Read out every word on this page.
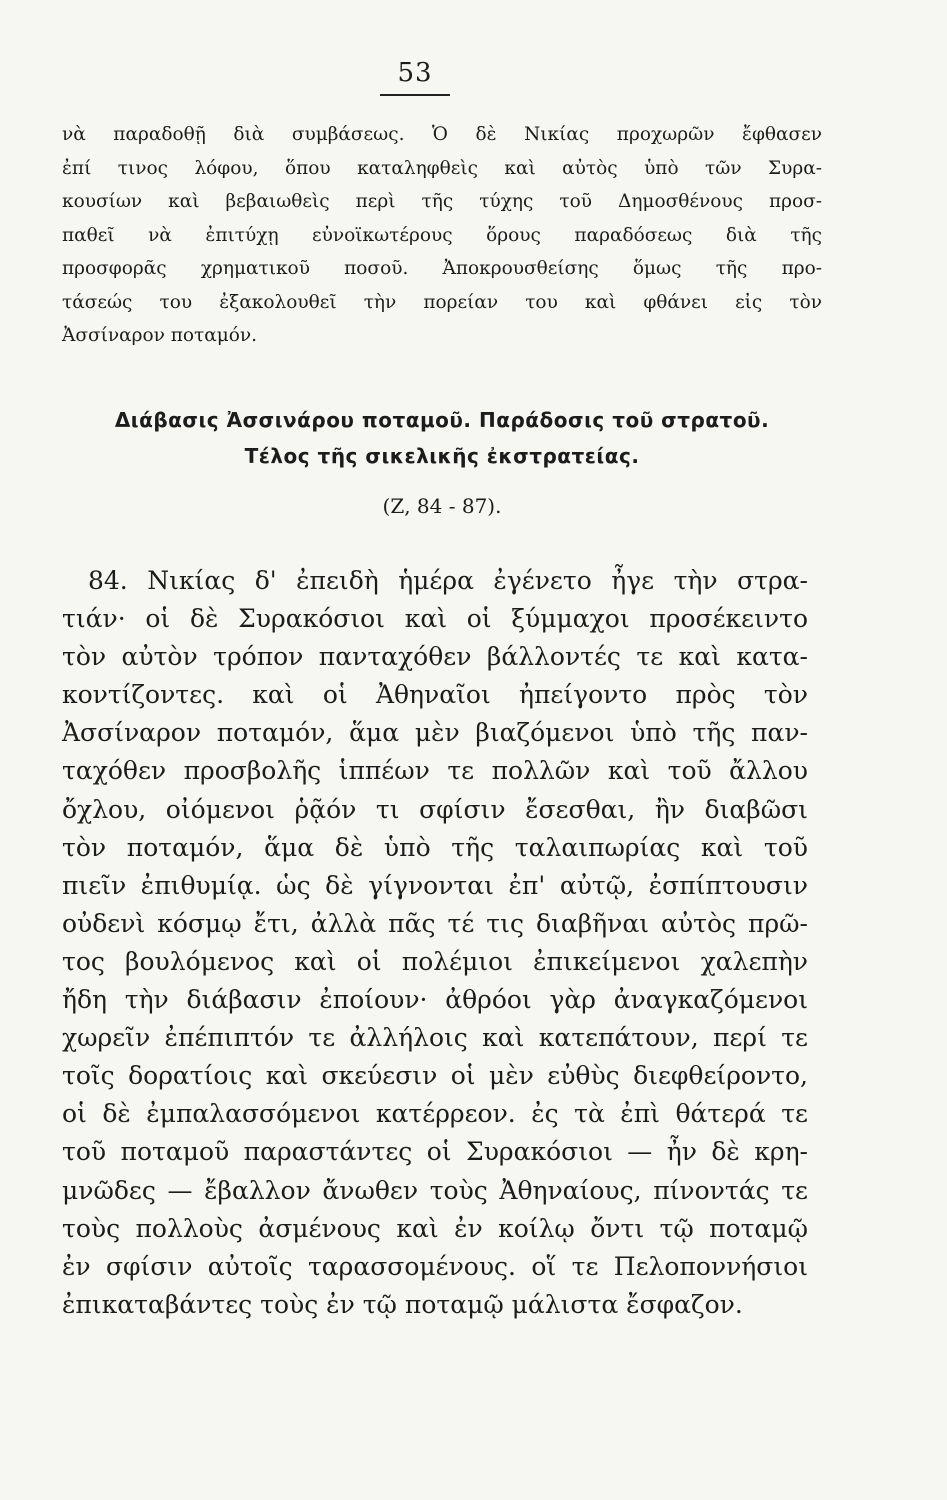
53
νὰ παραδοθῇ διὰ συμβάσεως. Ὁ δὲ Νικίας προχωρῶν ἔφθασεν
ἐπί τινος λόφου, ὅπου καταληφθεὶς καὶ αὐτὸς ὑπὸ τῶν Συρα-
κουσίων καὶ βεβαιωθεὶς περὶ τῆς τύχης τοῦ Δημοσθένους προσ-
παθεῖ νὰ ἐπιτύχῃ εὐνοϊκωτέρους ὅρους παραδόσεως διὰ τῆς
προσφορᾶς χρηματικοῦ ποσοῦ. Ἀποκρουσθείσης ὅμως τῆς προ-
τάσεώς του ἐξακολουθεῖ τὴν πορείαν του καὶ φθάνει εἰς τὸν
Ἀσσίναρον ποταμόν.
Διάβασις Ἀσσινάρου ποταμοῦ. Παράδοσις τοῦ στρατοῦ.
Τέλος τῆς σικελικῆς ἐκστρατείας.
(Ζ, 84 - 87).
84. Νικίας δ' ἐπειδὴ ἡμέρα ἐγένετο ἦγε τὴν στρα-
τιάν· οἱ δὲ Συρακόσιοι καὶ οἱ ξύμμαχοι προσέκειντο
τὸν αὐτὸν τρόπον πανταχόθεν βάλλοντές τε καὶ κατα-
κοντίζοντες. καὶ οἱ Ἀθηναῖοι ἠπείγοντο πρὸς τὸν
Ἀσσίναρον ποταμόν, ἅμα μὲν βιαζόμενοι ὑπὸ τῆς παν-
ταχόθεν προσβολῆς ἱππέων τε πολλῶν καὶ τοῦ ἄλλου
ὄχλου, οἰόμενοι ῥᾷόν τι σφίσιν ἔσεσθαι, ἢν διαβῶσι
τὸν ποταμόν, ἅμα δὲ ὑπὸ τῆς ταλαιπωρίας καὶ τοῦ
πιεῖν ἐπιθυμίᾳ. ὡς δὲ γίγνονται ἐπ' αὐτῷ, ἐσπίπτουσιν
οὐδενὶ κόσμῳ ἔτι, ἀλλὰ πᾶς τέ τις διαβῆναι αὐτὸς πρῶ-
τος βουλόμενος καὶ οἱ πολέμιοι ἐπικείμενοι χαλεπὴν
ἤδη τὴν διάβασιν ἐποίουν· ἀθρόοι γὰρ ἀναγκαζόμενοι
χωρεῖν ἐπέπιπτόν τε ἀλλήλοις καὶ κατεπάτουν, περί τε
τοῖς δορατίοις καὶ σκεύεσιν οἱ μὲν εὐθὺς διεφθείροντο,
οἱ δὲ ἐμπαλασσόμενοι κατέρρεον. ἐς τὰ ἐπὶ θάτερά τε
τοῦ ποταμοῦ παραστάντες οἱ Συρακόσιοι — ἦν δὲ κρη-
μνῶδες — ἔβαλλον ἄνωθεν τοὺς Ἀθηναίους, πίνοντάς τε
τοὺς πολλοὺς ἀσμένους καὶ ἐν κοίλῳ ὄντι τῷ ποταμῷ
ἐν σφίσιν αὐτοῖς ταρασσομένους. οἵ τε Πελοποννήσιοι
ἐπικαταβάντες τοὺς ἐν τῷ ποταμῷ μάλιστα ἔσφαζον.
